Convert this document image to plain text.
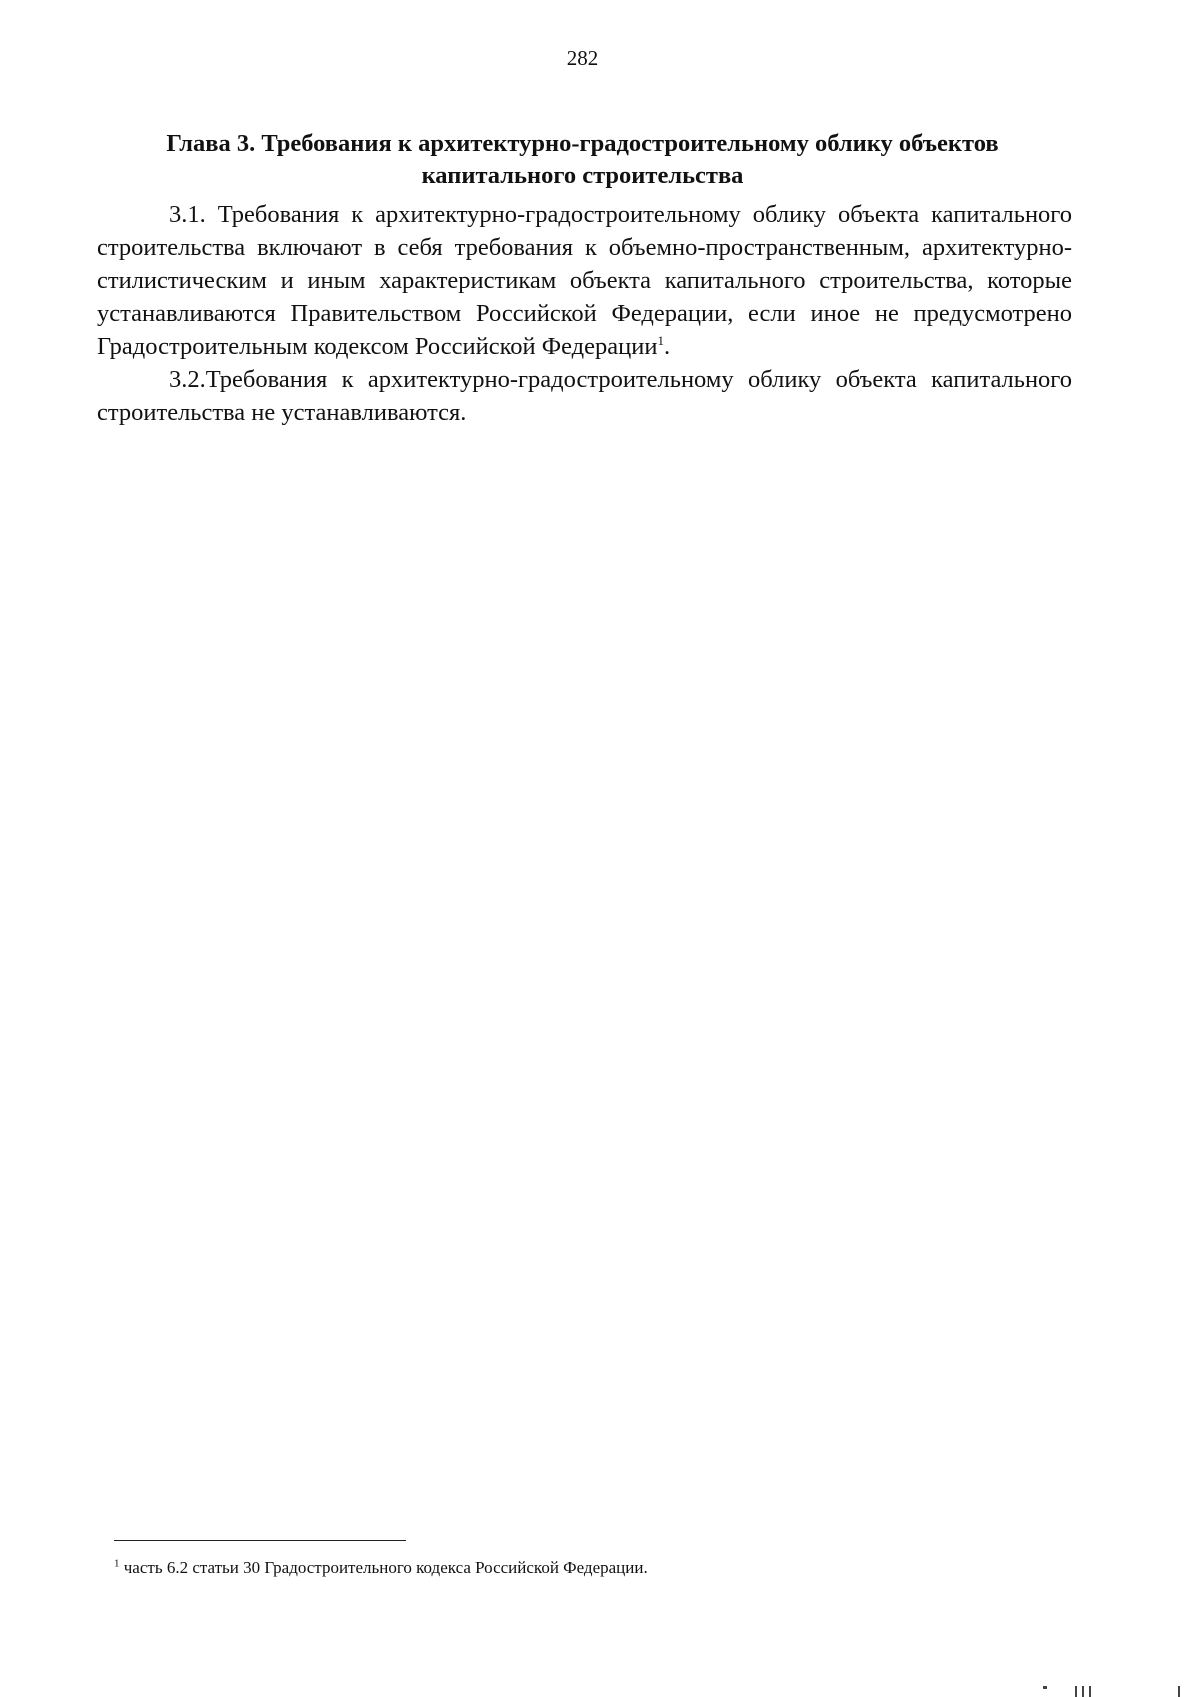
282
Глава 3. Требования к архитектурно-градостроительному облику объектов капитального строительства

3.1. Требования к архитектурно-градостроительному облику объекта капитального строительства включают в себя требования к объемно-пространственным, архитектурно-стилистическим и иным характеристикам объекта капитального строительства, которые устанавливаются Правительством Российской Федерации, если иное не предусмотрено Градостроительным кодексом Российской Федерации$^1$.

3.2.Требования к архитектурно-градостроительному облику объекта капитального строительства не устанавливаются.

$^1$ часть 6.2 статьи 30 Градостроительного кодекса Российской Федерации.
